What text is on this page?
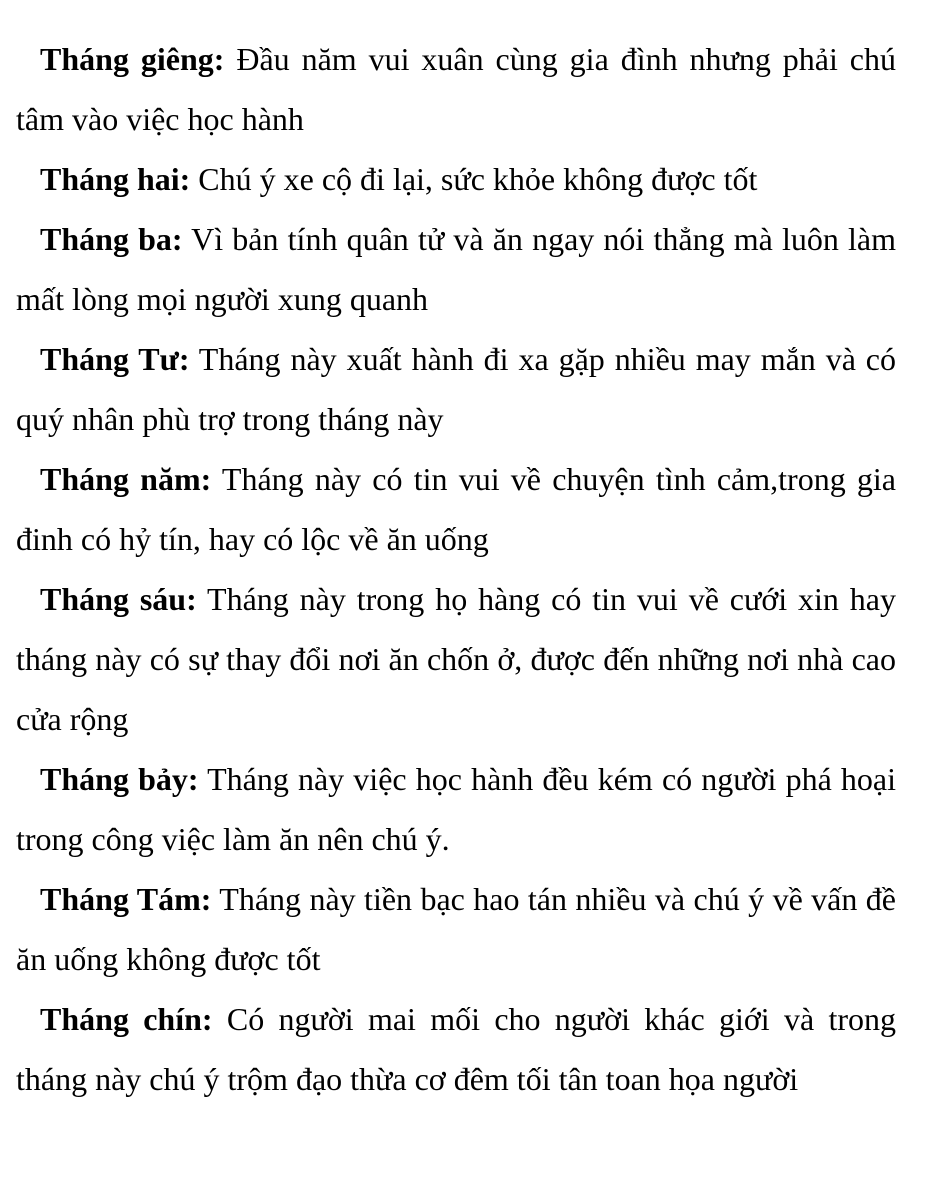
Tháng giêng: Đầu năm vui xuân cùng gia đình nhưng phải chú tâm vào việc học hành

Tháng hai: Chú ý xe cộ đi lại, sức khỏe không được tốt

Tháng ba: Vì bản tính quân tử và ăn ngay nói thẳng mà luôn làm mất lòng mọi người xung quanh

Tháng Tư: Tháng này xuất hành đi xa gặp nhiều may mắn và có quý nhân phù trợ trong tháng này

Tháng năm: Tháng này có tin vui về chuyện tình cảm,trong gia đinh có hỷ tín, hay có lộc về ăn uống

Tháng sáu: Tháng này trong họ hàng có tin vui về cưới xin hay tháng này có sự thay đổi nơi ăn chốn ở, được đến những nơi nhà cao cửa rộng

Tháng bảy: Tháng này việc học hành đều kém có người phá hoại trong công việc làm ăn nên chú ý.

Tháng Tám: Tháng này tiền bạc hao tán nhiều và chú ý về vấn đề ăn uống không được tốt

Tháng chín: Có người mai mối cho người khác giới và trong tháng này chú ý trộm đạo thừa cơ đêm tối tân toan họa người
